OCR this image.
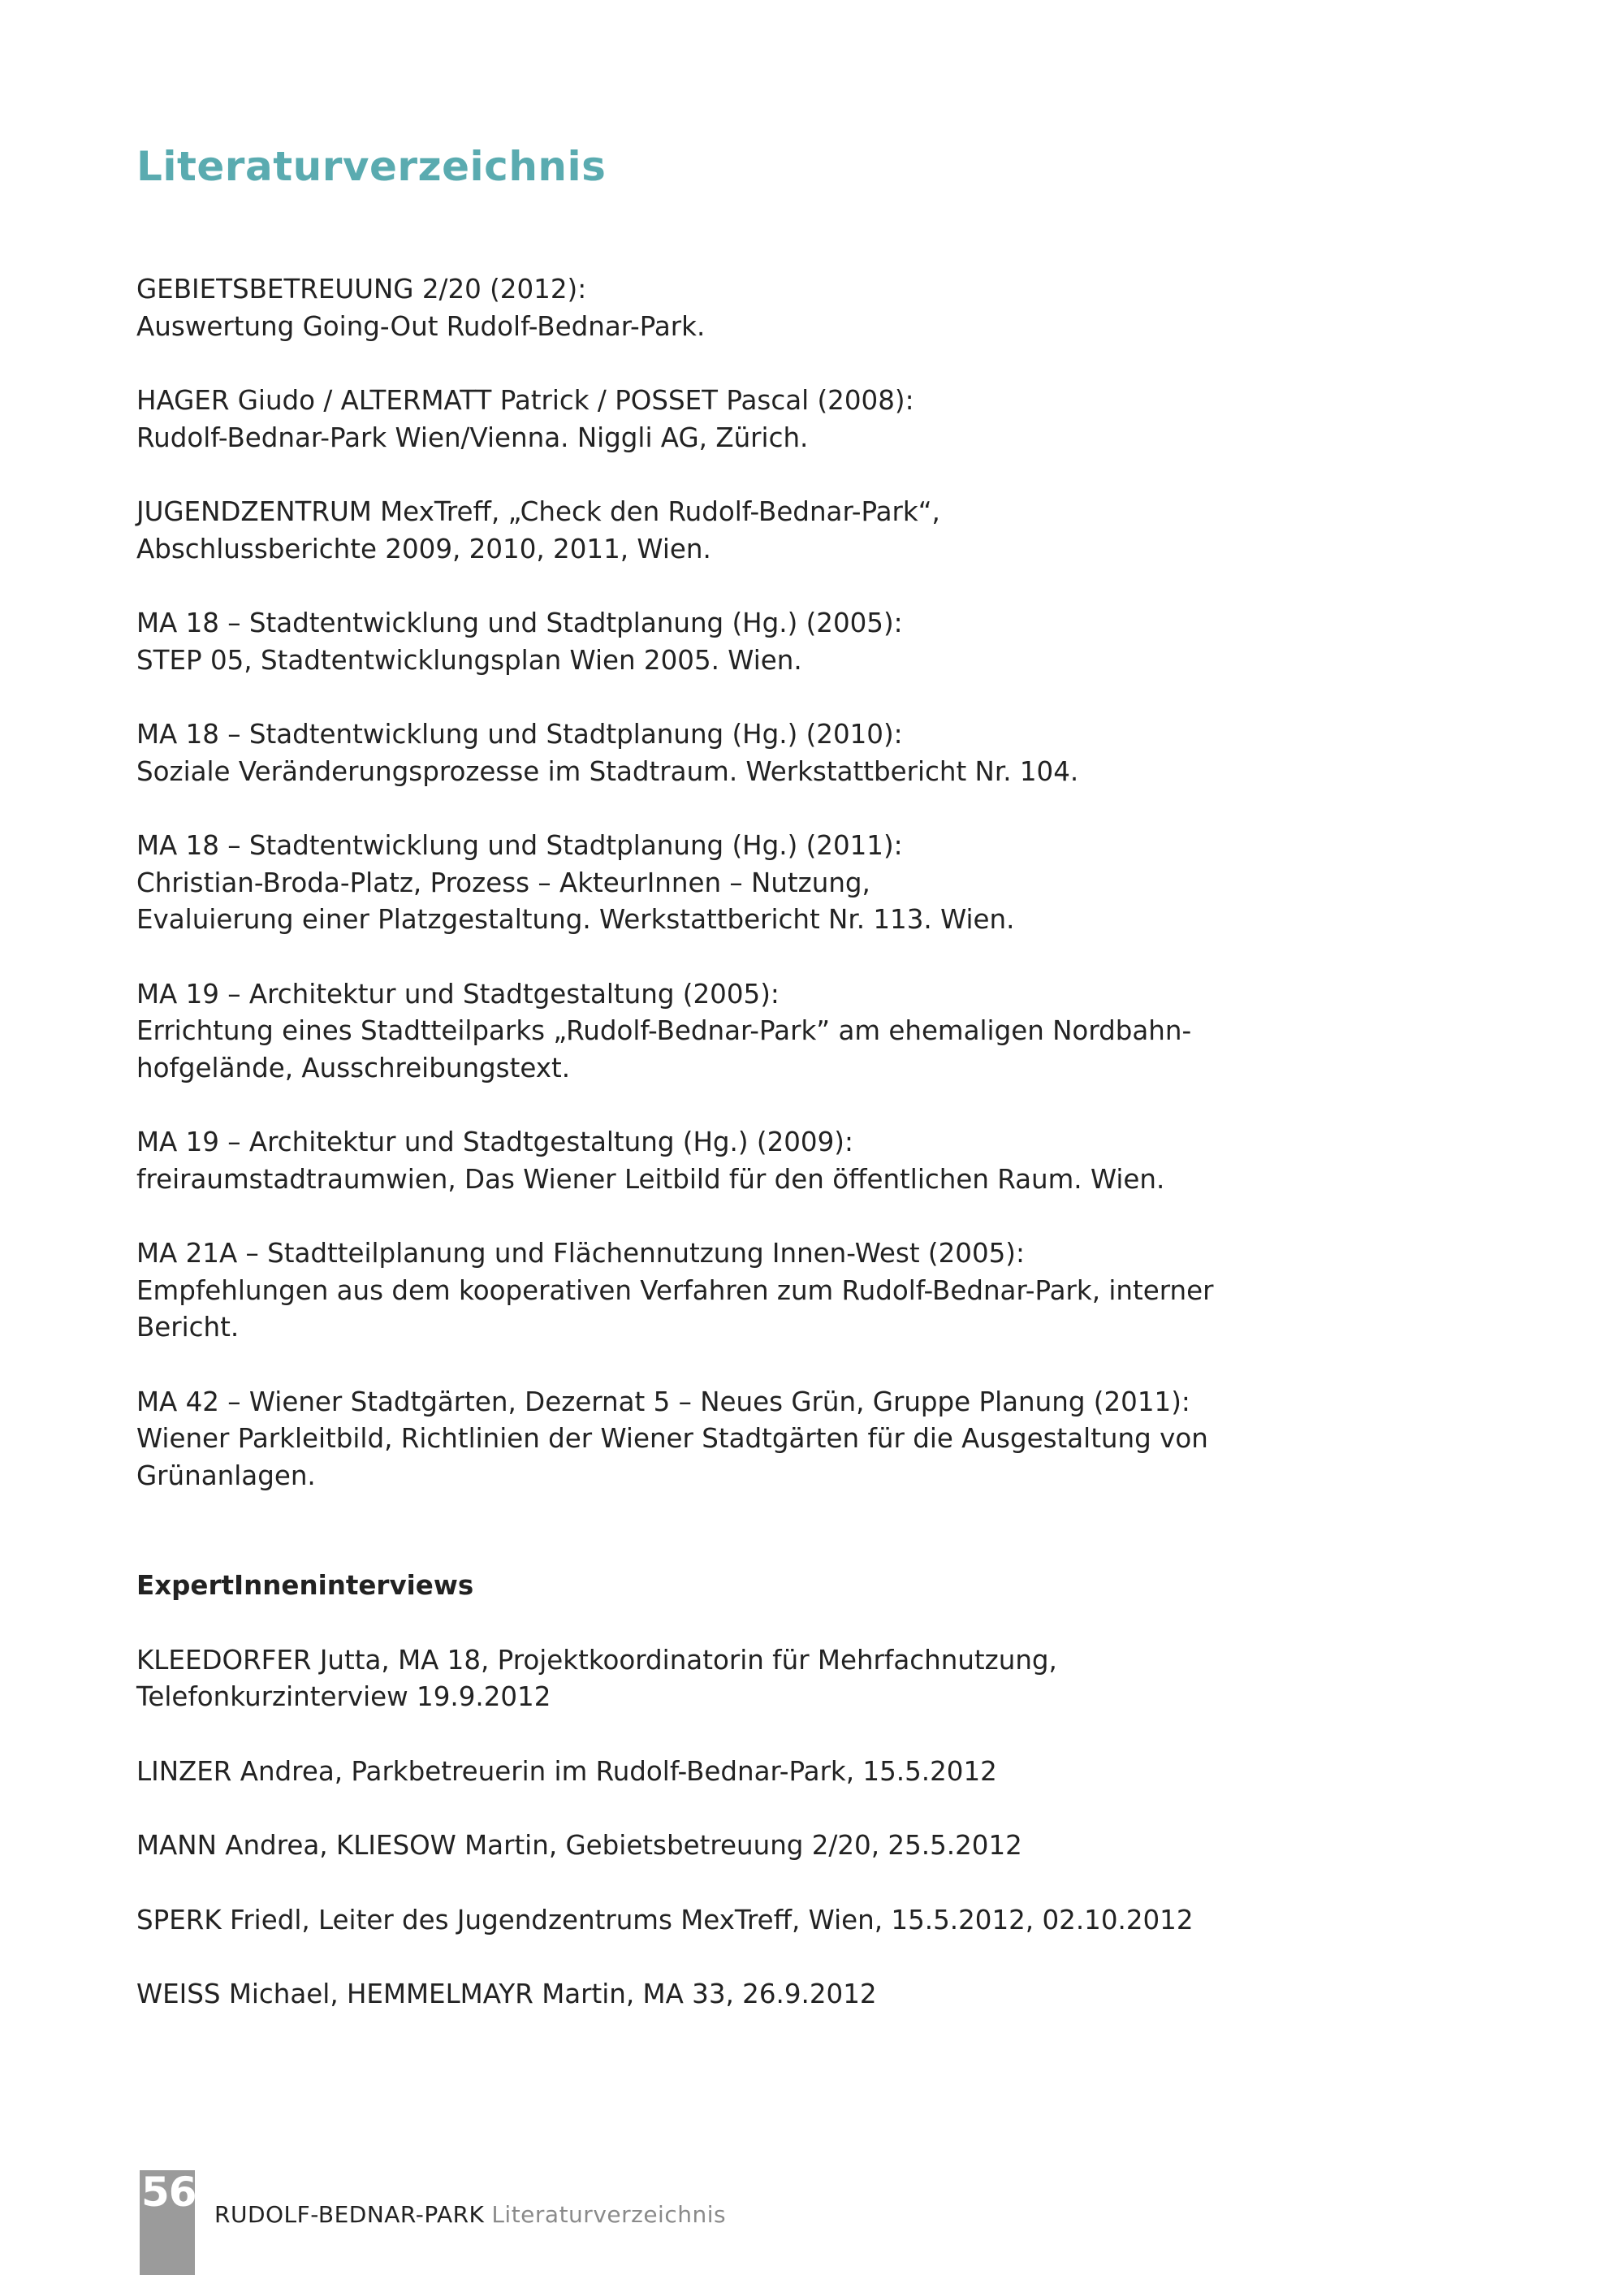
Literaturverzeichnis

GEBIETSBETREUUNG 2/20 (2012):
Auswertung Going-Out Rudolf-Bednar-Park.

HAGER Giudo / ALTERMATT Patrick / POSSET Pascal (2008):
Rudolf-Bednar-Park Wien/Vienna. Niggli AG, Zürich.

JUGENDZENTRUM MexTreff, „Check den Rudolf-Bednar-Park“,
Abschlussberichte 2009, 2010, 2011, Wien.

MA 18 – Stadtentwicklung und Stadtplanung (Hg.) (2005):
STEP 05, Stadtentwicklungsplan Wien 2005. Wien.

MA 18 – Stadtentwicklung und Stadtplanung (Hg.) (2010):
Soziale Veränderungsprozesse im Stadtraum. Werkstattbericht Nr. 104.

MA 18 – Stadtentwicklung und Stadtplanung (Hg.) (2011):
Christian-Broda-Platz, Prozess – AkteurInnen – Nutzung,
Evaluierung einer Platzgestaltung. Werkstattbericht Nr. 113. Wien.

MA 19 – Architektur und Stadtgestaltung (2005):
Errichtung eines Stadtteilparks „Rudolf-Bednar-Park” am ehemaligen Nordbahn-
hofgelände, Ausschreibungstext.

MA 19 – Architektur und Stadtgestaltung (Hg.) (2009):
freiraumstadtraumwien, Das Wiener Leitbild für den öffentlichen Raum. Wien.

MA 21A – Stadtteilplanung und Flächennutzung Innen-West (2005):
Empfehlungen aus dem kooperativen Verfahren zum Rudolf-Bednar-Park, interner
Bericht.

MA 42 – Wiener Stadtgärten, Dezernat 5 – Neues Grün, Gruppe Planung (2011):
Wiener Parkleitbild, Richtlinien der Wiener Stadtgärten für die Ausgestaltung von
Grünanlagen.

ExpertInneninterviews

KLEEDORFER Jutta, MA 18, Projektkoordinatorin für Mehrfachnutzung,
Telefonkurzinterview 19.9.2012

LINZER Andrea, Parkbetreuerin im Rudolf-Bednar-Park, 15.5.2012

MANN Andrea, KLIESOW Martin, Gebietsbetreuung 2/20, 25.5.2012

SPERK Friedl, Leiter des Jugendzentrums MexTreff, Wien, 15.5.2012, 02.10.2012

WEISS Michael, HEMMELMAYR Martin, MA 33, 26.9.2012

56 RUDOLF-BEDNAR-PARK Literaturverzeichnis
